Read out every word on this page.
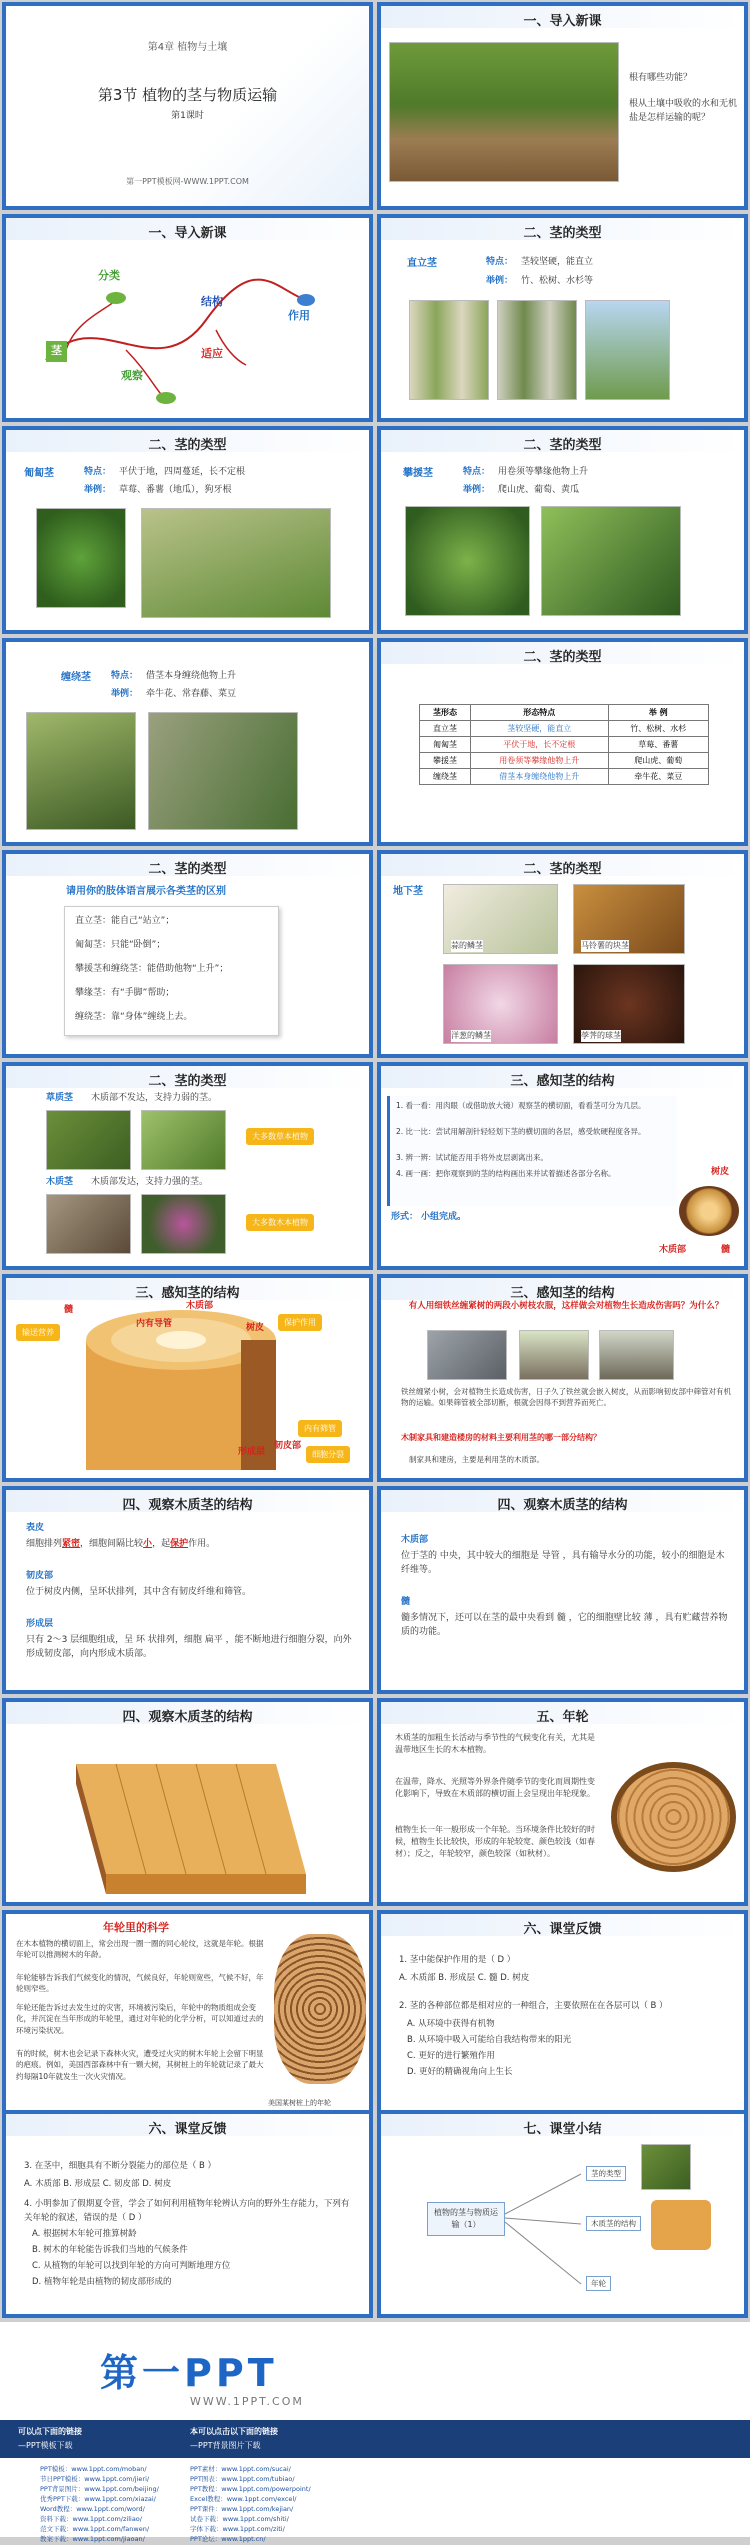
第4章 植物与土壤
第3节 植物的茎与物质运输
第1课时
第一PPT模板网-WWW.1PPT.COM
一、导入新课
根有哪些功能？
根从土壤中吸收的水和无机盐是怎样运输的呢？
一、导入新课
分类
结构
作用
茎	适应
观察
二、茎的类型
直立茎	特点： 茎较坚硬，能直立
举例： 竹、松树、水杉等
二、茎的类型
匍匐茎	特点： 平伏于地，四周蔓延，长不定根
举例： 草莓、番薯（地瓜），狗牙根
二、茎的类型
攀援茎	特点： 用卷须等攀缘他物上升
举例： 爬山虎、葡萄、黄瓜
缠绕茎 特点： 借茎本身缠绕他物上升
举例： 牵牛花、常春藤、菜豆
二、茎的类型
茎形态	形态特点	举 例
直立茎	茎较坚硬，能直立	竹、松树、水杉
匍匐茎	平伏于地，长不定根	草莓、番薯
攀援茎	用卷须等攀缘他物上升	爬山虎、葡萄
缠绕茎	借茎本身缠绕他物上升	牵牛花、菜豆
二、茎的类型
请用你的肢体语言展示各类茎的区别
直立茎：能自己“站立”；
匍匐茎：只能“卧倒”；
攀援茎和缠绕茎：能借助他物“上升”；
攀缘茎：有“手脚”帮助；
缠绕茎：靠“身体”缠绕上去。
二、茎的类型
地下茎
蒜的鳞茎	马铃薯的块茎
洋葱的鳞茎	荸荠的球茎
二、茎的类型
草质茎 木质部不发达，支持力弱的茎。
大多数草本植物
木质茎 木质部发达，支持力强的茎。
大多数木本植物
三、感知茎的结构
1. 看一看：用肉眼（或借助放大镜）观察茎的横切面，看看茎可分为几层。
2. 比一比：尝试用解剖针轻轻划下茎的横切面的各层，感受软硬程度各异。
3. 辨一辨：试试能否用手将外皮层剥离出来。
4. 画一画：把你观察到的茎的结构画出来并试着描述各部分名称。
形式： 小组完成。
树皮
木质部	髓
三、感知茎的结构
髓	木质部
形成层
树皮
内有导管	保护作用
输送营养
内有筛管
韧皮部
细胞分裂
三、感知茎的结构
有人用细铁丝缠紧树的两段小树枝农服，这样做会对植物生长造成伤害吗？为什么？
铁丝缠紧小树，会对植物生长造成伤害，日子久了铁丝就会嵌入树皮，从而影响韧皮部中筛管对有机物的运输。如果筛管被全部切断，根就会因得不到营养而死亡。
木制家具和建造楼房的材料主要利用茎的哪一部分结构？
制家具和建房，主要是利用茎的木质部。
四、观察木质茎的结构
表皮
细胞排列紧密，细胞间隔比较小，起保护作用。
韧皮部
位于树皮内侧，呈环状排列，其中含有韧皮纤维和筛管。
形成层
只有 2～3 层细胞组成，呈 环 状排列，细胞 扁平 ，能不断地进行细胞分裂，向外形成韧皮部，向内形成木质部。
四、观察木质茎的结构
木质部
位于茎的 中央，其中较大的细胞是 导管 ，具有输导水分的功能，较小的细胞是木纤维等。
髓
髓多情况下，还可以在茎的最中央看到 髓 ，它的细胞壁比较 薄 ，具有贮藏营养物质的功能。
四、观察木质茎的结构	五、年轮
木质茎的加粗生长活动与季节性的气候变化有关，尤其是温带地区生长的木本植物。
在温带，降水、光照等外界条件随季节的变化而周期性变化影响下，导致在木质部的横切面上会呈现出年轮现象。
植物生长一年一般形成一个年轮。当环境条件比较好的时候，植物生长比较快，形成的年轮较宽、颜色较浅（如春材）；反之，年轮较窄，颜色较深（如秋材）。
年轮里的科学
在木本植物的横切面上，常会出现一圈一圈的同心轮纹，这就是年轮。根据年轮可以推测树木的年龄。
年轮能够告诉我们气候变化的情况，气候良好，年轮则宽些，气候不好，年轮则窄些。
年轮还能告诉过去发生过的灾害，环境被污染后，年轮中的物质组成会变化，并沉淀在当年形成的年轮里，通过对年轮的化学分析，可以知道过去的环境污染状况。
有的时候，树木也会记录下森林火灾，遭受过火灾的树木年轮上会留下明显的疤痕。例如，美国西部森林中有一颗大树，其树桩上的年轮就记录了最大约每隔10年就发生一次火灾情况。
美国某树桩上的年轮
六、课堂反馈
1. 茎中能保护作用的是（ D ）
A. 木质部 B. 形成层 C. 髓 D. 树皮
2. 茎的各种部位都是相对应的一种组合，主要依照在在各层可以（ B ）
A. 从环境中获得有机物
B. 从环境中吸入可能给自我结构带来的阳光
C. 更好的进行繁殖作用
D. 更好的精确视角向上生长
六、课堂反馈
3. 在茎中，细胞具有不断分裂能力的部位是（ B ）
A. 木质部 B. 形成层 C. 韧皮部 D. 树皮
4. 小明参加了假期夏令营，学会了如何利用植物年轮辨认方向的野外生存能力，下列有关年轮的叙述，错误的是（ D ）
A. 根据树木年轮可推算树龄
B. 树木的年轮能告诉我们当地的气候条件
C. 从植物的年轮可以找到年轮的方向可判断地理方位
D. 植物年轮是由植物的韧皮部形成的
七、课堂小结
植物的茎与物质运输（1）
茎的类型
木质茎的结构
年轮
第一PPT
WWW.1PPT.COM
可以点下面的链接
—PPT模板下载
本可以点击以下面的链接
—PPT背景图片下载
PPT模板：www.1ppt.com/moban/
节日PPT模板：www.1ppt.com/jieri/
PPT背景图片：www.1ppt.com/beijing/
优秀PPT下载：www.1ppt.com/xiazai/
Word教程：www.1ppt.com/word/
资料下载：www.1ppt.com/ziliao/
范文下载：www.1ppt.com/fanwen/
教案下载：www.1ppt.com/jiaoan/
PPT素材：www.1ppt.com/sucai/
PPT图表：www.1ppt.com/tubiao/
PPT教程：www.1ppt.com/powerpoint/
Excel教程：www.1ppt.com/excel/
PPT课件：www.1ppt.com/kejian/
试卷下载：www.1ppt.com/shiti/
字体下载：www.1ppt.com/ziti/
PPT论坛：www.1ppt.cn/
